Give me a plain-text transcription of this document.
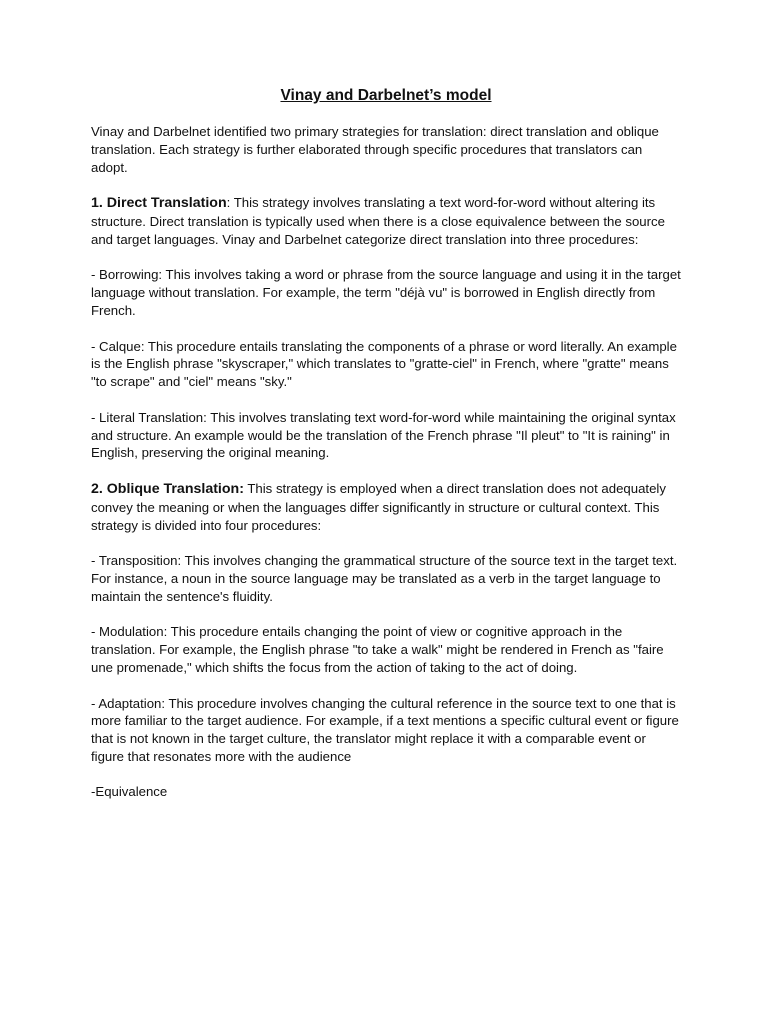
Vinay and Darbelnet’s model

Vinay and Darbelnet identified two primary strategies for translation: direct translation and oblique translation. Each strategy is further elaborated through specific procedures that translators can adopt.

1. Direct Translation: This strategy involves translating a text word-for-word without altering its structure. Direct translation is typically used when there is a close equivalence between the source and target languages. Vinay and Darbelnet categorize direct translation into three procedures:

- Borrowing: This involves taking a word or phrase from the source language and using it in the target language without translation. For example, the term "déjà vu" is borrowed in English directly from French.

- Calque: This procedure entails translating the components of a phrase or word literally. An example is the English phrase "skyscraper," which translates to "gratte-ciel" in French, where "gratte" means "to scrape" and "ciel" means "sky."

- Literal Translation: This involves translating text word-for-word while maintaining the original syntax and structure. An example would be the translation of the French phrase "Il pleut" to "It is raining" in English, preserving the original meaning.

2. Oblique Translation: This strategy is employed when a direct translation does not adequately convey the meaning or when the languages differ significantly in structure or cultural context. This strategy is divided into four procedures:

- Transposition: This involves changing the grammatical structure of the source text in the target text. For instance, a noun in the source language may be translated as a verb in the target language to maintain the sentence's fluidity.

- Modulation: This procedure entails changing the point of view or cognitive approach in the translation. For example, the English phrase "to take a walk" might be rendered in French as "faire une promenade," which shifts the focus from the action of taking to the act of doing.

- Adaptation: This procedure involves changing the cultural reference in the source text to one that is more familiar to the target audience. For example, if a text mentions a specific cultural event or figure that is not known in the target culture, the translator might replace it with a comparable event or figure that resonates more with the audience

-Equivalence
